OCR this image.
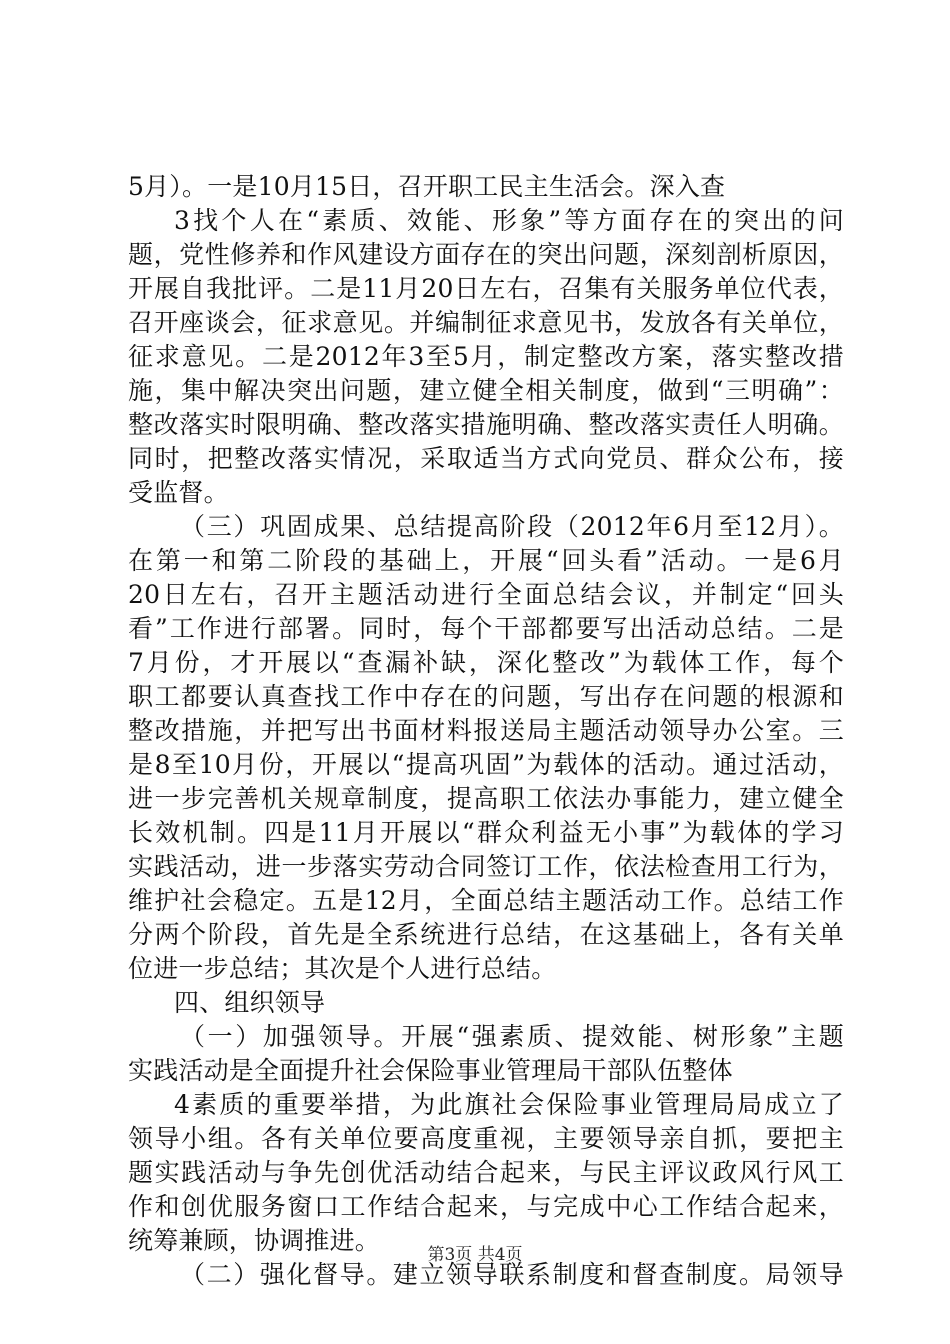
5月）。一是10月15日，召开职工民主生活会。深入查
3找个人在“素质、效能、形象”等方面存在的突出的问
题，党性修养和作风建设方面存在的突出问题，深刻剖析原因，
开展自我批评。二是11月20日左右，召集有关服务单位代表，
召开座谈会，征求意见。并编制征求意见书，发放各有关单位，
征求意见。二是2012年3至5月，制定整改方案，落实整改措
施，集中解决突出问题，建立健全相关制度，做到“三明确”：
整改落实时限明确、整改落实措施明确、整改落实责任人明确。
同时，把整改落实情况，采取适当方式向党员、群众公布，接
受监督。
（三）巩固成果、总结提高阶段（2012年6月至12月）。
在第一和第二阶段的基础上，开展“回头看”活动。一是6月
20日左右，召开主题活动进行全面总结会议，并制定“回头
看”工作进行部署。同时，每个干部都要写出活动总结。二是
7月份，才开展以“查漏补缺，深化整改”为载体工作，每个
职工都要认真查找工作中存在的问题，写出存在问题的根源和
整改措施，并把写出书面材料报送局主题活动领导办公室。三
是8至10月份，开展以“提高巩固”为载体的活动。通过活动，
进一步完善机关规章制度，提高职工依法办事能力，建立健全
长效机制。四是11月开展以“群众利益无小事”为载体的学习
实践活动，进一步落实劳动合同签订工作，依法检查用工行为，
维护社会稳定。五是12月，全面总结主题活动工作。总结工作
分两个阶段，首先是全系统进行总结，在这基础上，各有关单
位进一步总结；其次是个人进行总结。
四、组织领导
（一）加强领导。开展“强素质、提效能、树形象”主题
实践活动是全面提升社会保险事业管理局干部队伍整体
4素质的重要举措，为此旗社会保险事业管理局局成立了
领导小组。各有关单位要高度重视，主要领导亲自抓，要把主
题实践活动与争先创优活动结合起来，与民主评议政风行风工
作和创优服务窗口工作结合起来，与完成中心工作结合起来，
统筹兼顾，协调推进。
（二）强化督导。建立领导联系制度和督查制度。局领导
第3页 共4页
